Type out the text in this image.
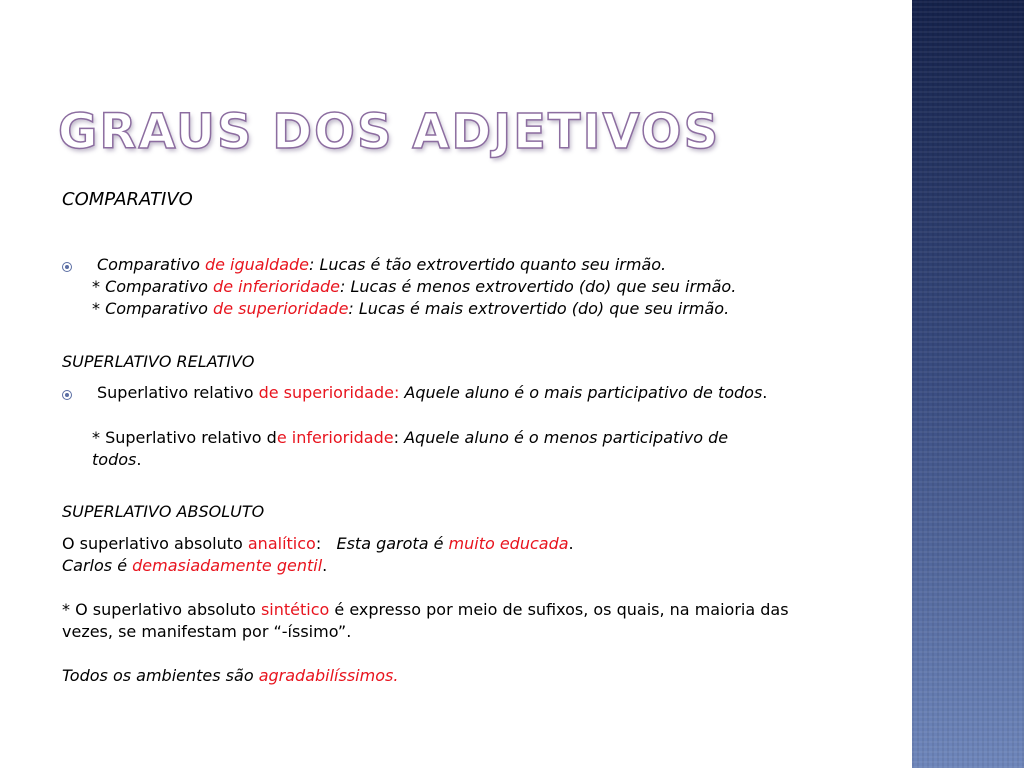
GRAUS DOS ADJETIVOS
COMPARATIVO
Comparativo de igualdade: Lucas é tão extrovertido quanto seu irmão.
* Comparativo de inferioridade: Lucas é menos extrovertido (do) que seu irmão.
* Comparativo de superioridade: Lucas é mais extrovertido (do) que seu irmão.
SUPERLATIVO RELATIVO
Superlativo relativo de superioridade: Aquele aluno é o mais participativo de todos.
* Superlativo relativo de inferioridade: Aquele aluno é o menos participativo de
todos.
SUPERLATIVO ABSOLUTO
O superlativo absoluto analítico:   Esta garota é muito educada.
Carlos é demasiadamente gentil.
* O superlativo absoluto sintético é expresso por meio de sufixos, os quais, na maioria das
vezes, se manifestam por “-íssimo”.
Todos os ambientes são agradabilíssimos.
